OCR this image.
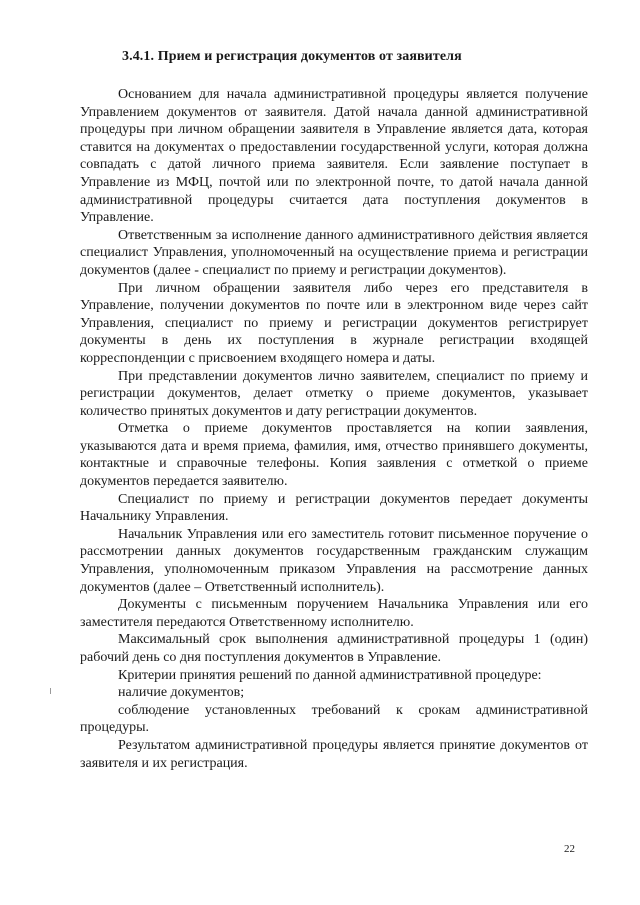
3.4.1. Прием и регистрация документов от заявителя

Основанием для начала административной процедуры является получение Управлением документов от заявителя. Датой начала данной административной процедуры при личном обращении заявителя в Управление является дата, которая ставится на документах о предоставлении государственной услуги, которая должна совпадать с датой личного приема заявителя. Если заявление поступает в Управление из МФЦ, почтой или по электронной почте, то датой начала данной административной процедуры считается дата поступления документов в Управление.

Ответственным за исполнение данного административного действия является специалист Управления, уполномоченный на осуществление приема и регистрации документов (далее - специалист по приему и регистрации документов).

При личном обращении заявителя либо через его представителя в Управление, получении документов по почте или в электронном виде через сайт Управления, специалист по приему и регистрации документов регистрирует документы в день их поступления в журнале регистрации входящей корреспонденции с присвоением входящего номера и даты.

При представлении документов лично заявителем, специалист по приему и регистрации документов, делает отметку о приеме документов, указывает количество принятых документов и дату регистрации документов.

Отметка о приеме документов проставляется на копии заявления, указываются дата и время приема, фамилия, имя, отчество принявшего документы, контактные и справочные телефоны. Копия заявления с отметкой о приеме документов передается заявителю.

Специалист по приему и регистрации документов передает документы Начальнику Управления.

Начальник Управления или его заместитель готовит письменное поручение о рассмотрении данных документов государственным гражданским служащим Управления, уполномоченным приказом Управления на рассмотрение данных документов (далее – Ответственный исполнитель).

Документы с письменным поручением Начальника Управления или его заместителя передаются Ответственному исполнителю.

Максимальный срок выполнения административной процедуры 1 (один) рабочий день со дня поступления документов в Управление.

Критерии принятия решений по данной административной процедуре:

наличие документов;

соблюдение установленных требований к срокам административной процедуры.

Результатом административной процедуры является принятие документов от заявителя и их регистрация.

22
